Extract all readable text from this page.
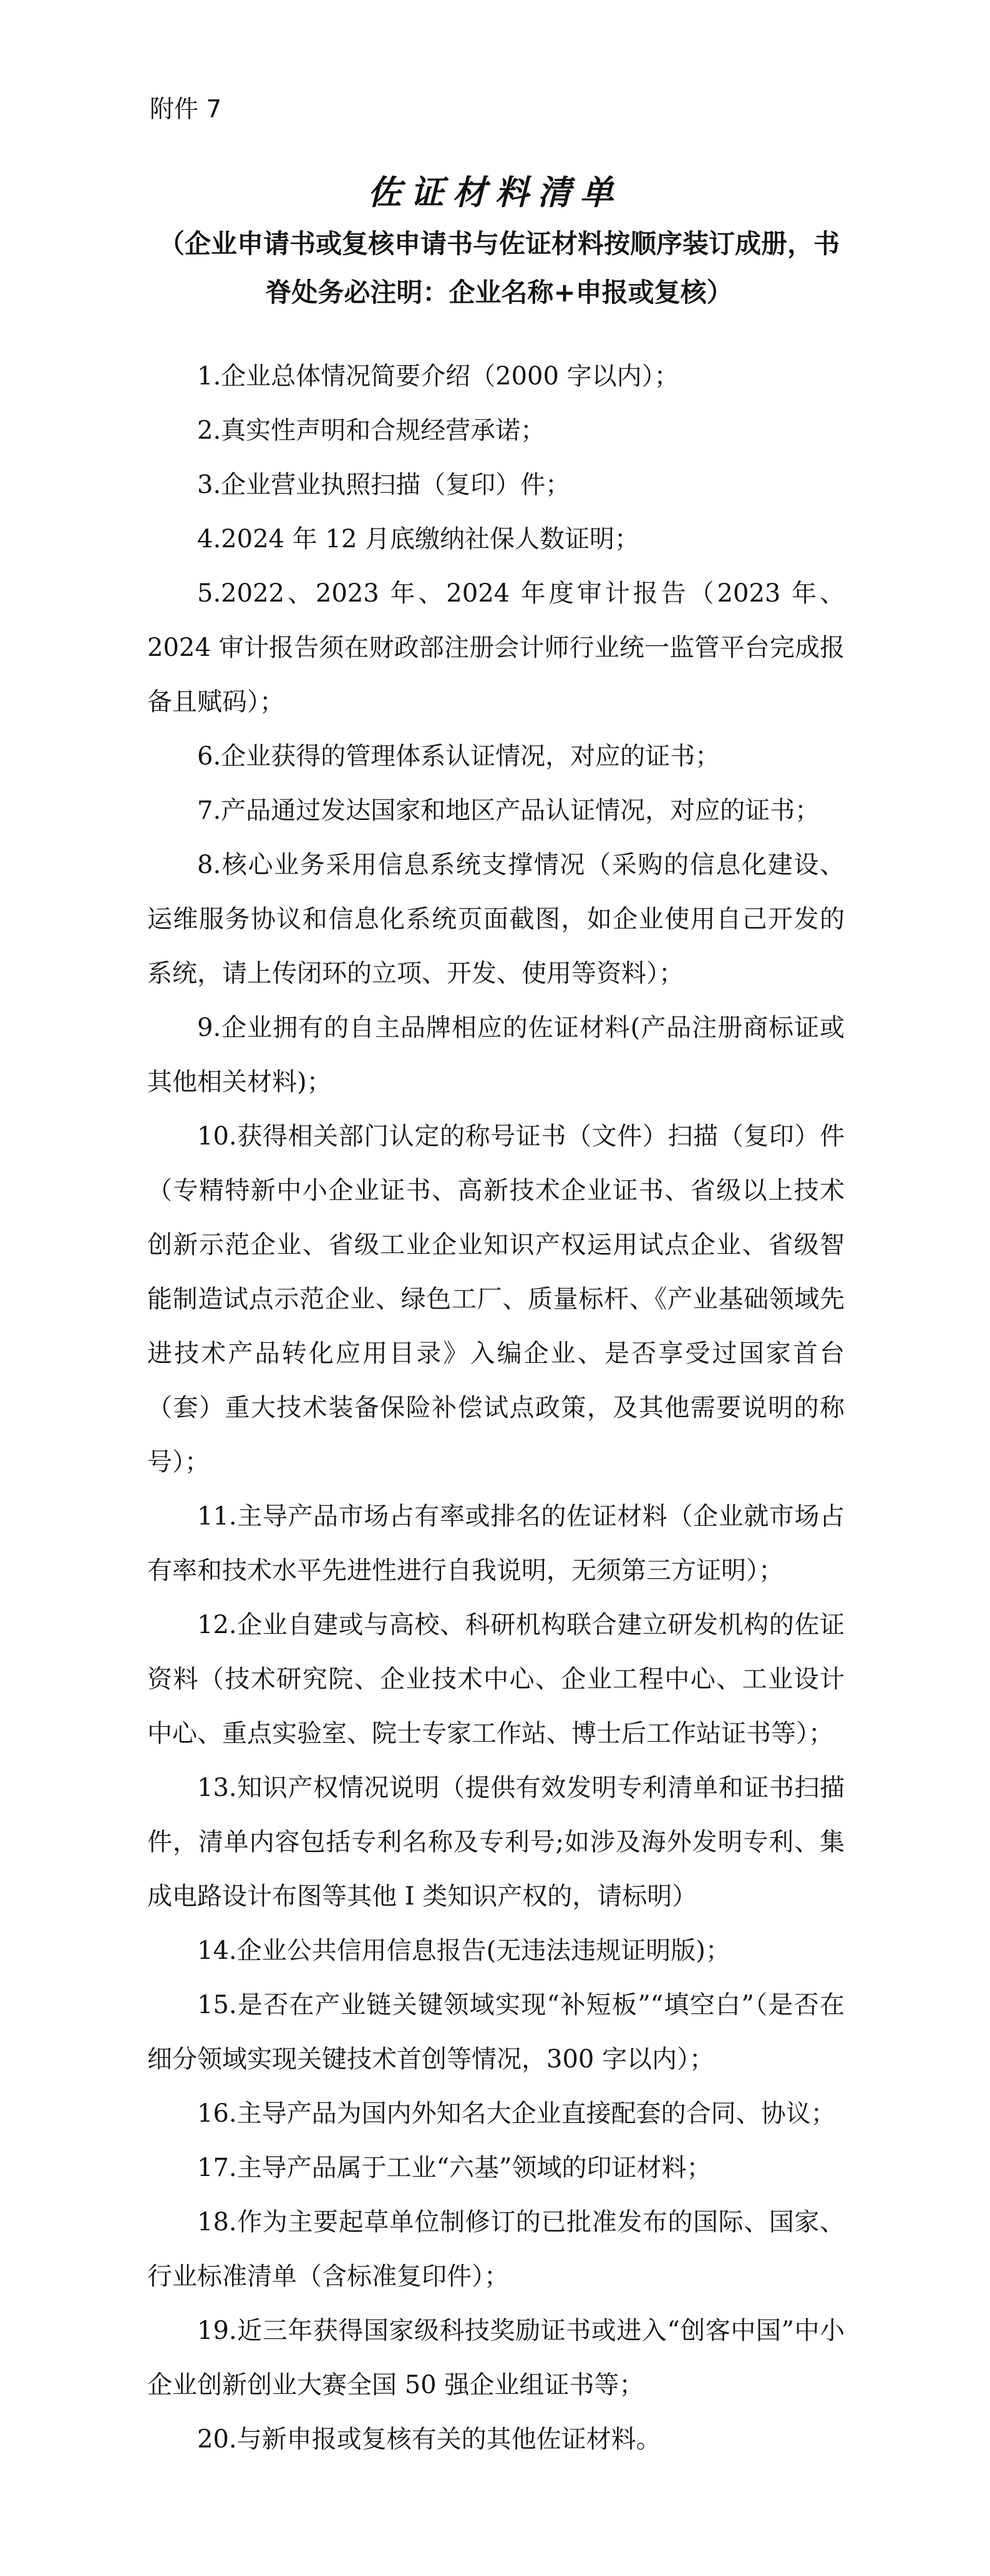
附件 7

佐证材料清单

（企业申请书或复核申请书与佐证材料按顺序装订成册，书脊处务必注明：企业名称+申报或复核）

1.企业总体情况简要介绍（2000 字以内）；
2.真实性声明和合规经营承诺；
3.企业营业执照扫描（复印）件；
4.2024 年 12 月底缴纳社保人数证明；
5.2022、2023 年、2024 年度审计报告（2023 年、2024 审计报告须在财政部注册会计师行业统一监管平台完成报备且赋码）；
6.企业获得的管理体系认证情况，对应的证书；
7.产品通过发达国家和地区产品认证情况，对应的证书；
8.核心业务采用信息系统支撑情况（采购的信息化建设、运维服务协议和信息化系统页面截图，如企业使用自己开发的系统，请上传闭环的立项、开发、使用等资料）；
9.企业拥有的自主品牌相应的佐证材料(产品注册商标证或其他相关材料)；
10.获得相关部门认定的称号证书（文件）扫描（复印）件（专精特新中小企业证书、高新技术企业证书、省级以上技术创新示范企业、省级工业企业知识产权运用试点企业、省级智能制造试点示范企业、绿色工厂、质量标杆、《产业基础领域先进技术产品转化应用目录》入编企业、是否享受过国家首台（套）重大技术装备保险补偿试点政策，及其他需要说明的称号）；
11.主导产品市场占有率或排名的佐证材料（企业就市场占有率和技术水平先进性进行自我说明，无须第三方证明）；
12.企业自建或与高校、科研机构联合建立研发机构的佐证资料（技术研究院、企业技术中心、企业工程中心、工业设计中心、重点实验室、院士专家工作站、博士后工作站证书等）；
13.知识产权情况说明（提供有效发明专利清单和证书扫描件，清单内容包括专利名称及专利号;如涉及海外发明专利、集成电路设计布图等其他 I 类知识产权的，请标明）
14.企业公共信用信息报告(无违法违规证明版)；
15.是否在产业链关键领域实现“补短板”“填空白”（是否在细分领域实现关键技术首创等情况，300 字以内）；
16.主导产品为国内外知名大企业直接配套的合同、协议；
17.主导产品属于工业“六基”领域的印证材料；
18.作为主要起草单位制修订的已批准发布的国际、国家、行业标准清单（含标准复印件）；
19.近三年获得国家级科技奖励证书或进入“创客中国”中小企业创新创业大赛全国 50 强企业组证书等；
20.与新申报或复核有关的其他佐证材料。
